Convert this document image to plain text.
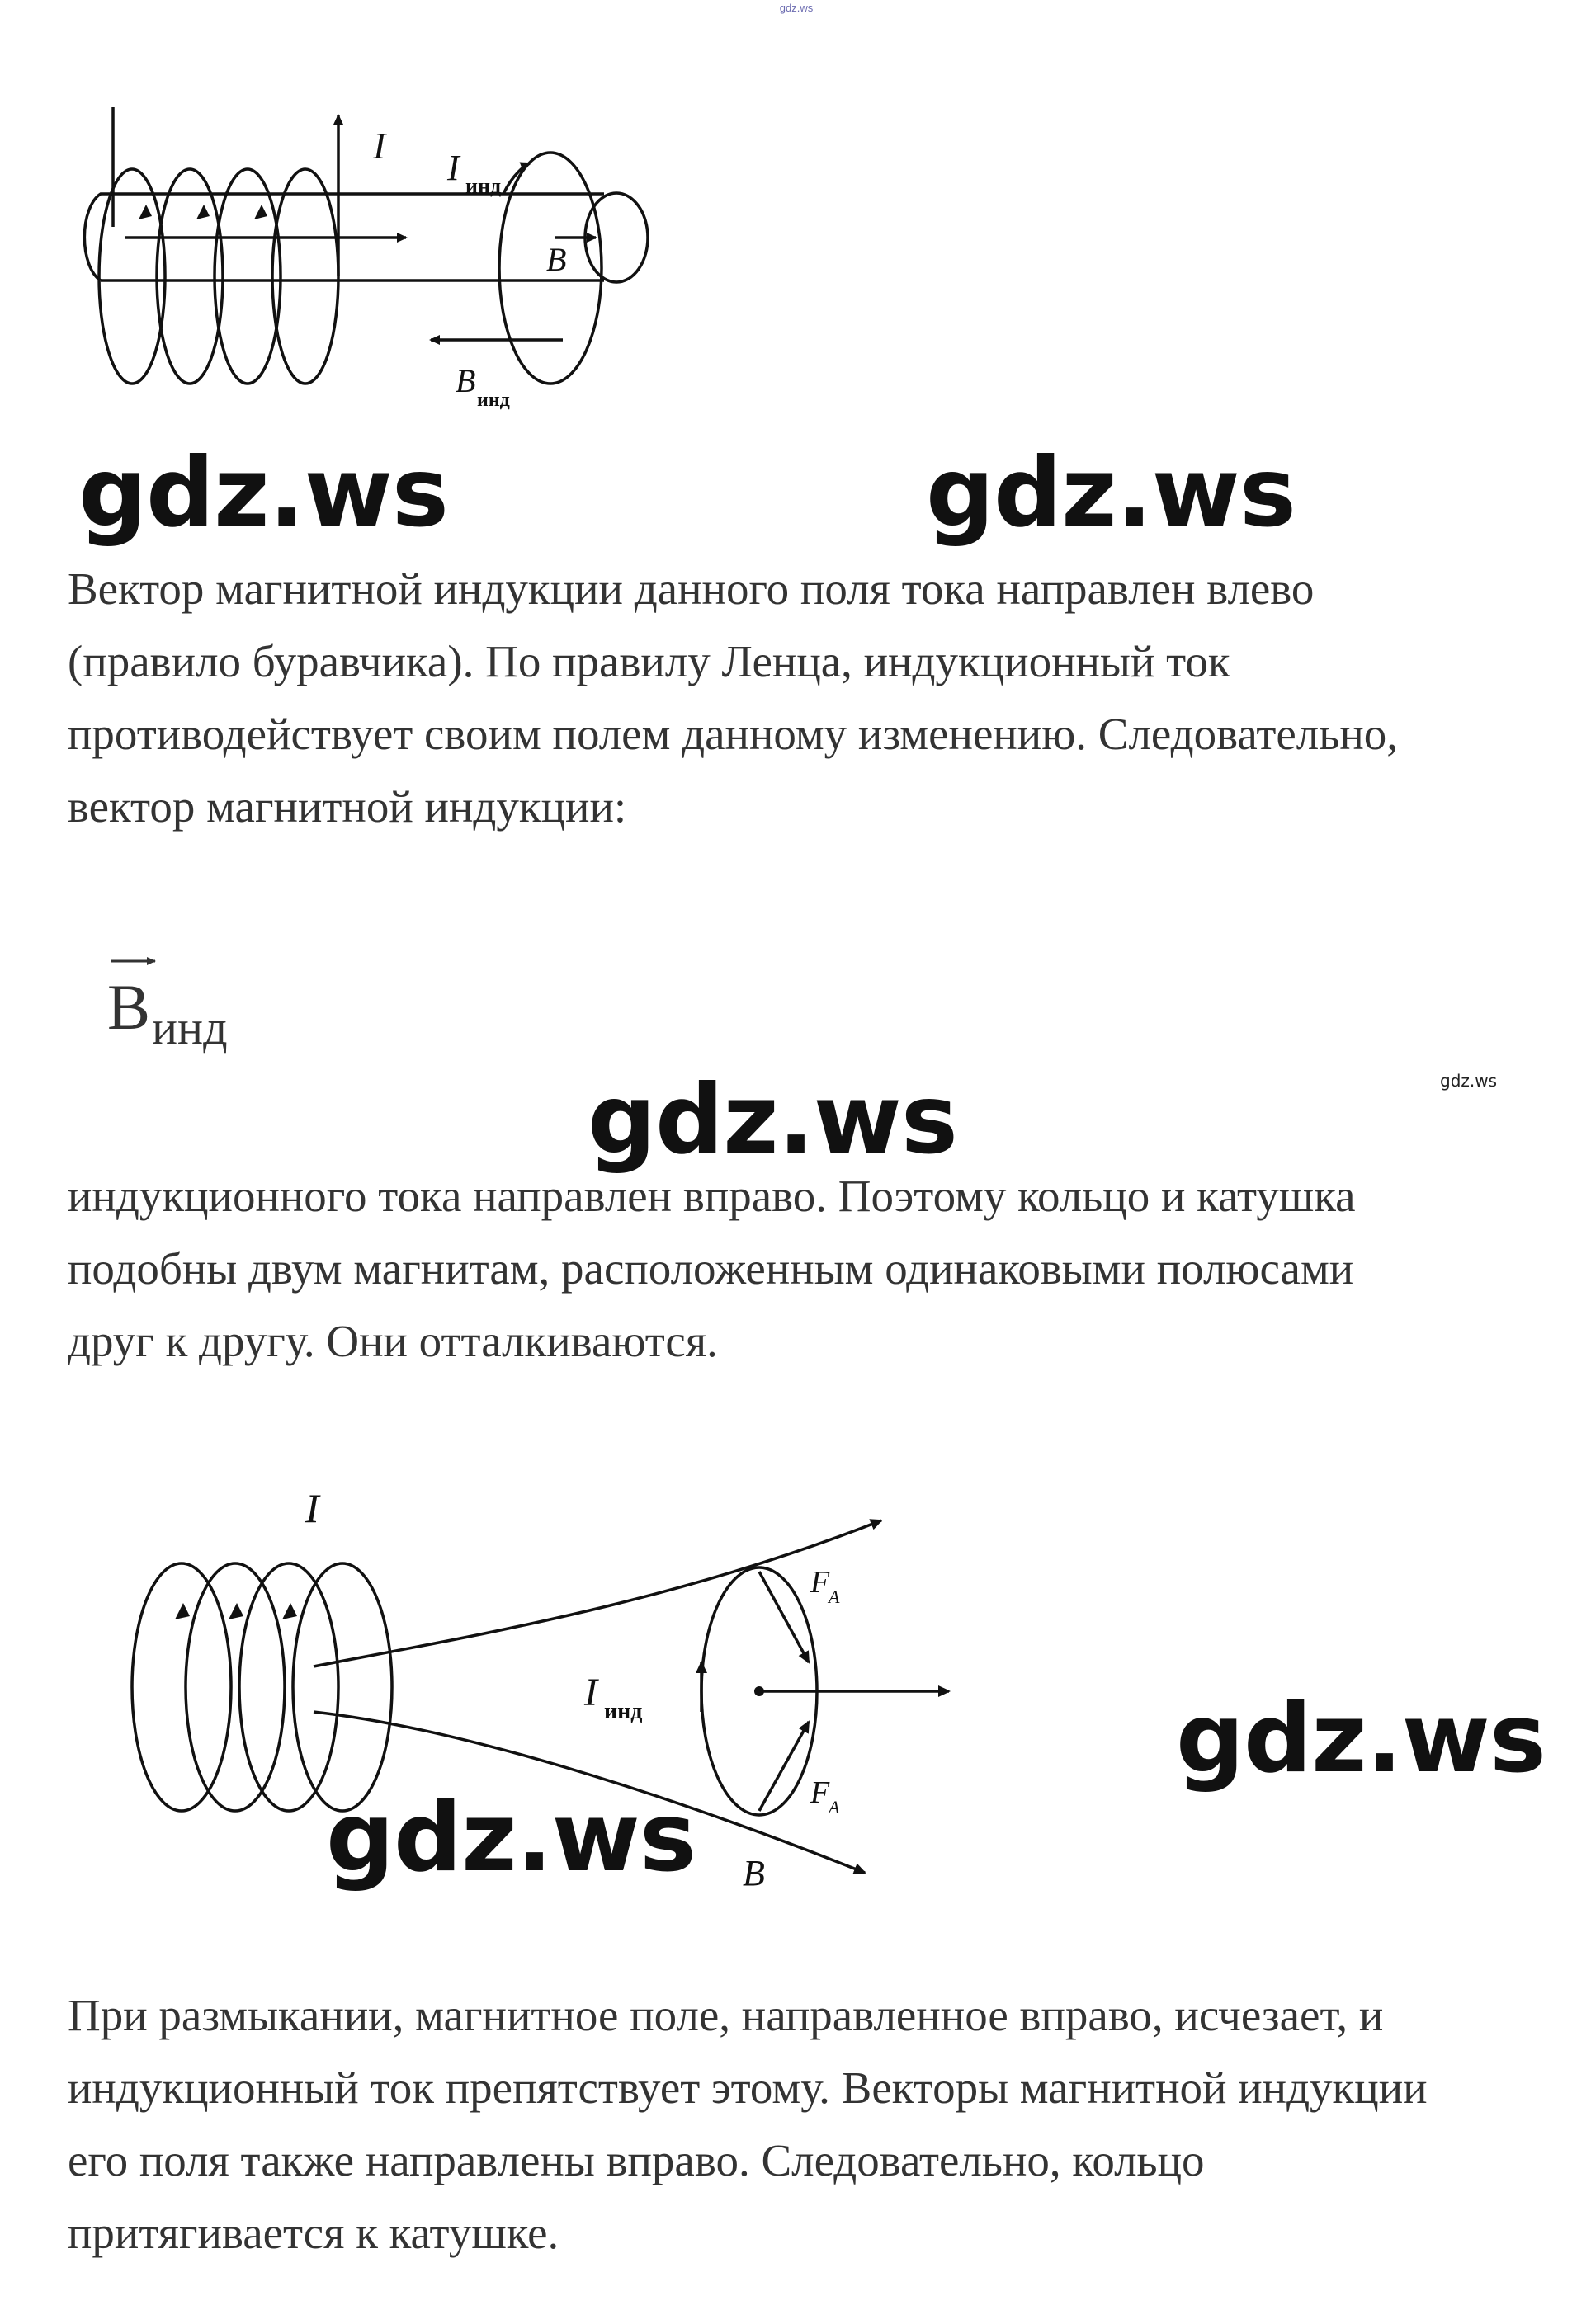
gdz.ws
I
I инд
B
B
инд
gdz.ws	gdz.ws
Вектор магнитной индукции данного поля тока направлен влево
(правило буравчика). По правилу Ленца, индукционный ток
противодействует своим полем данному изменению. Следовательно,
вектор магнитной индукции:
B инд
gdz.ws
gdz.ws
индукционного тока направлен вправо. Поэтому кольцо и катушка
подобны двум магнитам, расположенным одинаковыми полюсами
друг к другу. Они отталкиваются.
I
I инд
F
A
F
A
B
gdz.ws
gdz.ws
При размыкании, магнитное поле, направленное вправо, исчезает, и
индукционный ток препятствует этому. Векторы магнитной индукции
его поля также направлены вправо. Следовательно, кольцо
притягивается к катушке.
